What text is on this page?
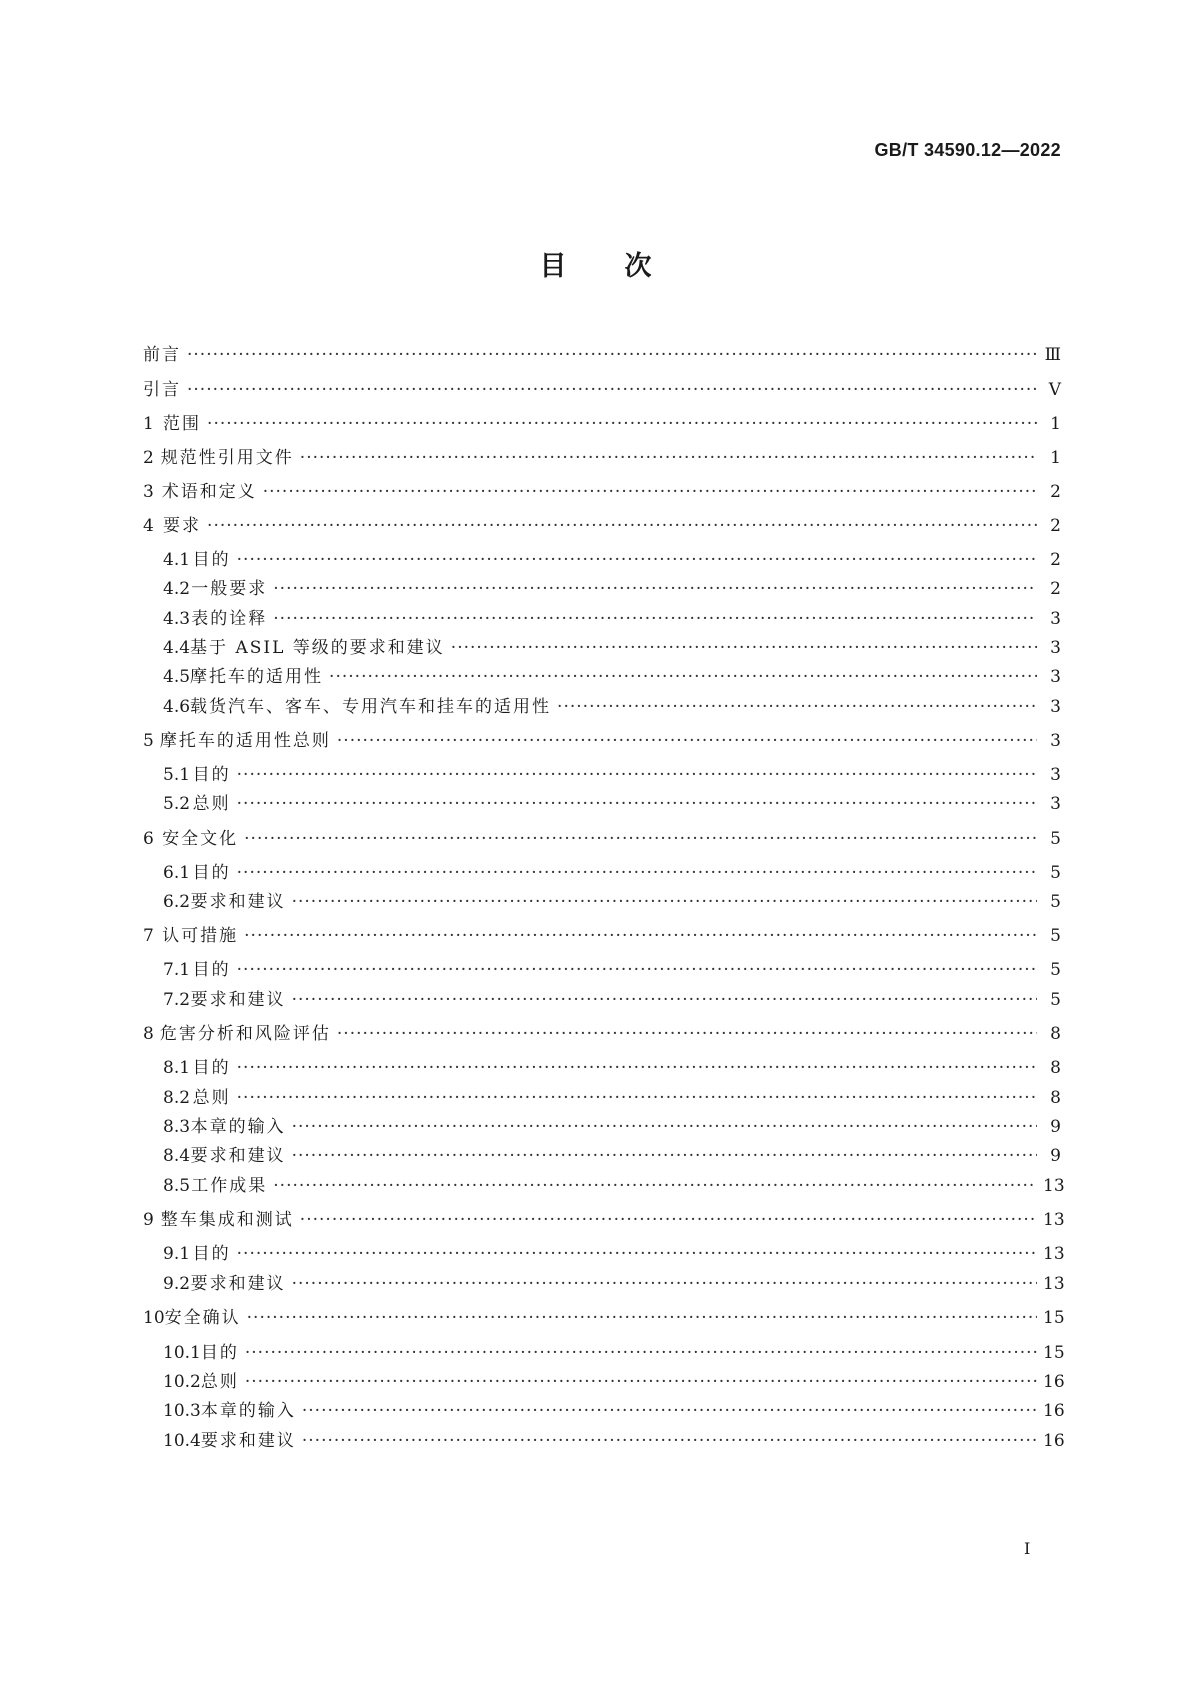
GB/T 34590.12—2022
目次
前言 ·····	Ⅲ
引言 ·····	Ⅴ
1 范围 ·····	1
2 规范性引用文件 ·····	1
3 术语和定义 ·····	2
4 要求 ·····	2
4.1 目的 ·····	2
4.2 一般要求 ·····	2
4.3 表的诠释 ·····	3
4.4 基于 ASIL 等级的要求和建议 ·····	3
4.5 摩托车的适用性 ·····	3
4.6 载货汽车、客车、专用汽车和挂车的适用性 ·····	3
5 摩托车的适用性总则 ·····	3
5.1 目的 ·····	3
5.2 总则 ·····	3
6 安全文化 ·····	5
6.1 目的 ·····	5
6.2 要求和建议 ·····	5
7 认可措施 ·····	5
7.1 目的 ·····	5
7.2 要求和建议 ·····	5
8 危害分析和风险评估 ·····	8
8.1 目的 ·····	8
8.2 总则 ·····	8
8.3 本章的输入 ·····	9
8.4 要求和建议 ·····	9
8.5 工作成果 ·····	13
9 整车集成和测试 ·····	13
9.1 目的 ·····	13
9.2 要求和建议 ·····	13
10 安全确认 ·····	15
10.1 目的 ·····	15
10.2 总则 ·····	16
10.3 本章的输入 ·····	16
10.4 要求和建议 ·····	16
I
